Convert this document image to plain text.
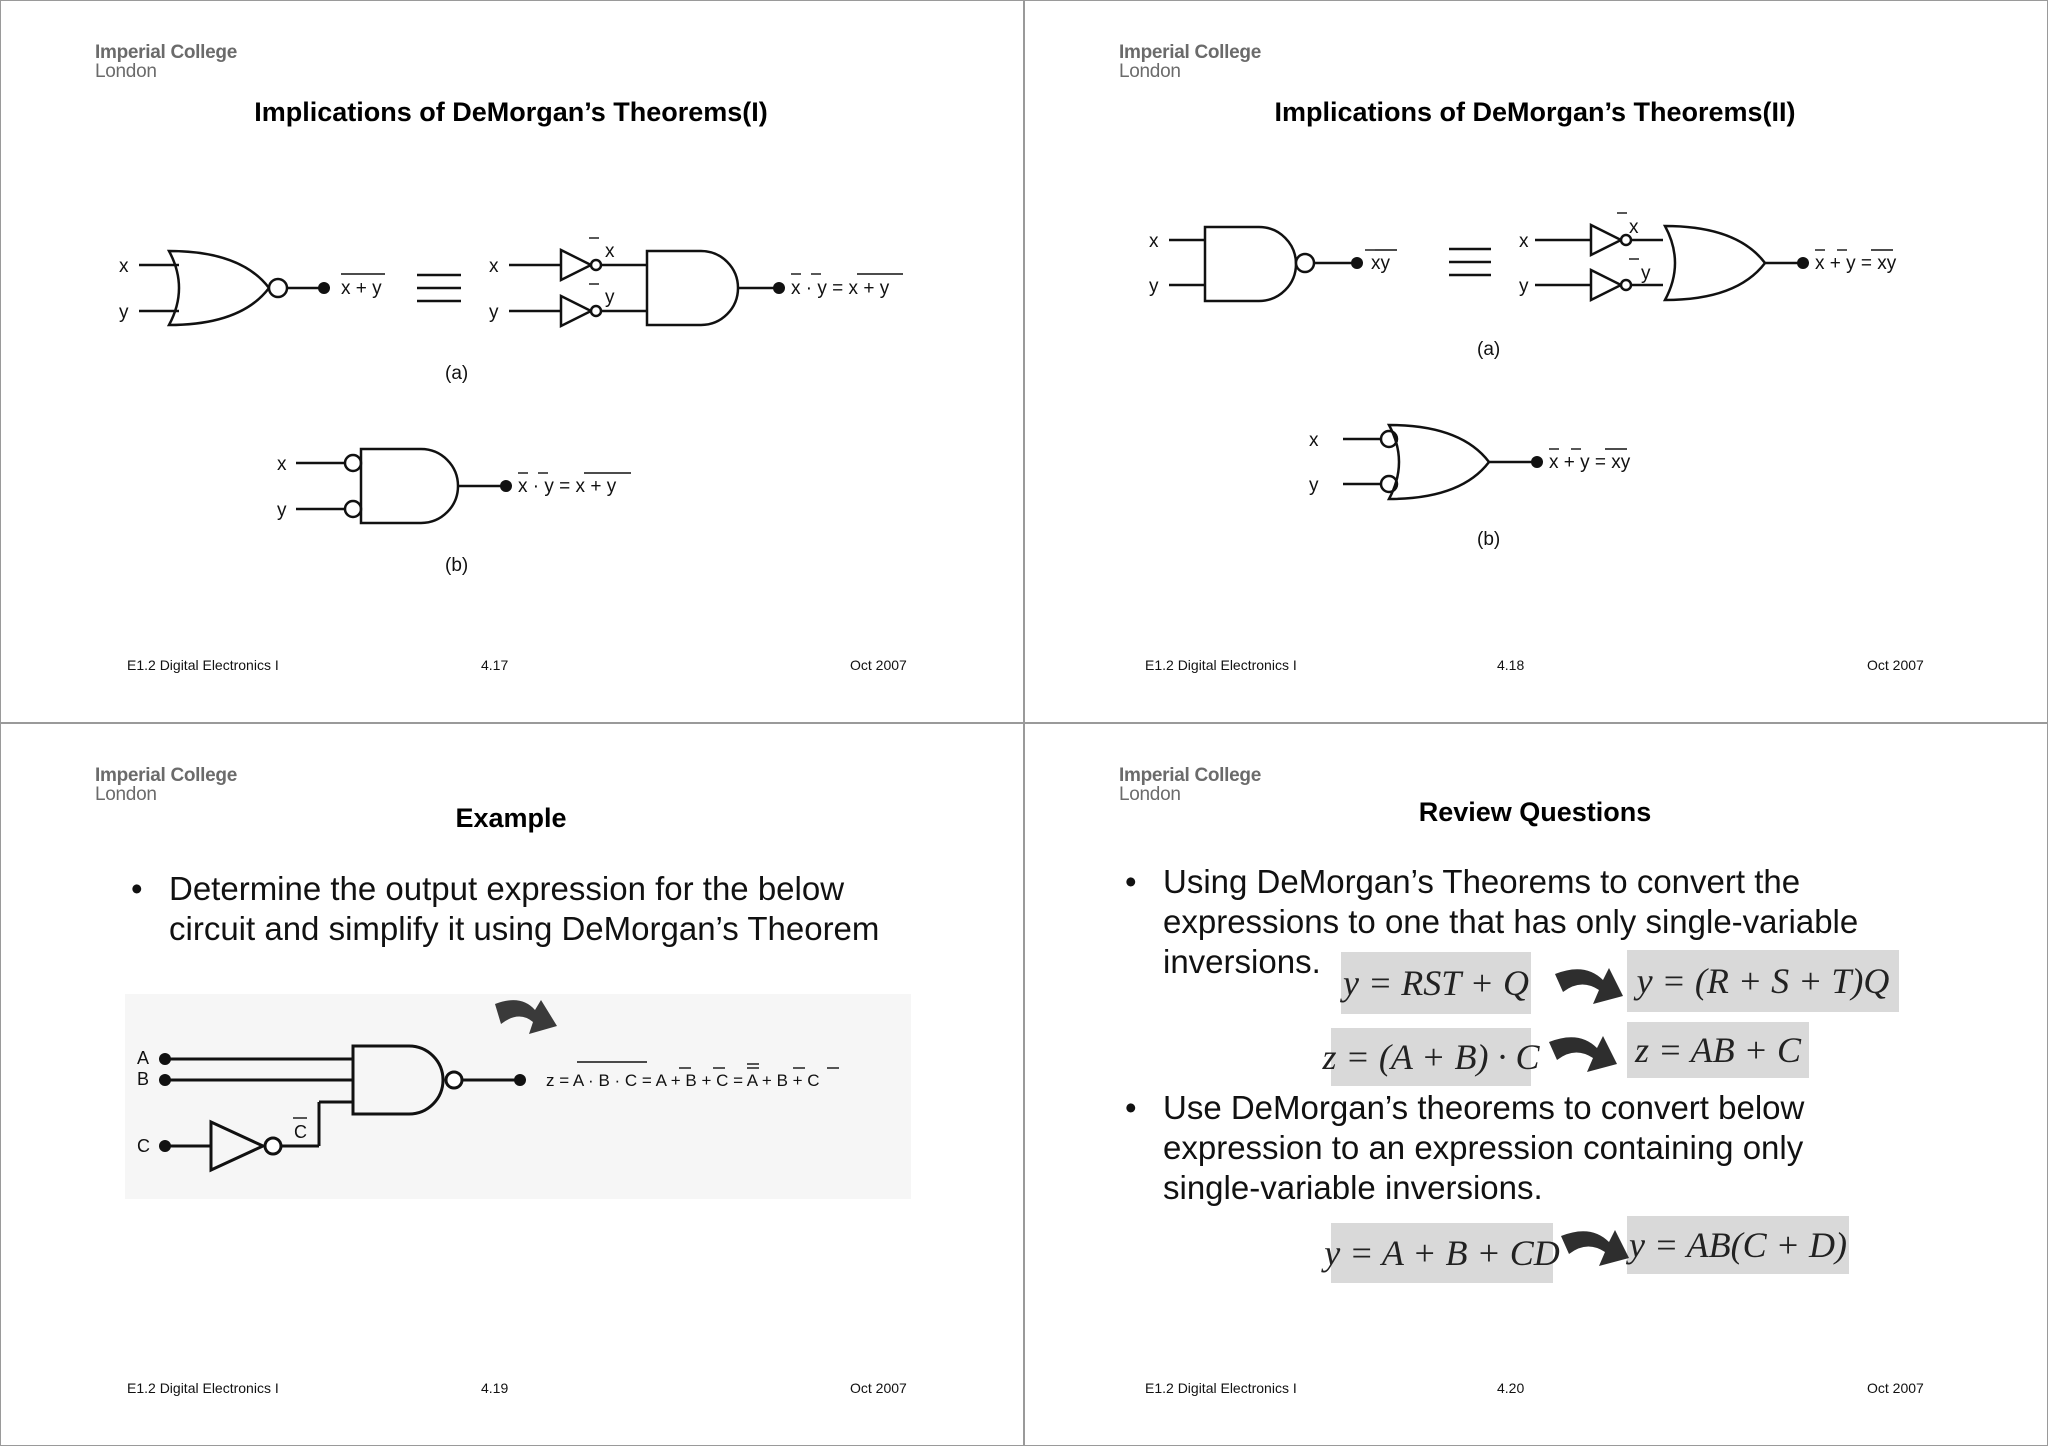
Imperial College
London
Implications of DeMorgan’s Theorems(I)
x
y
x + y
x
y
x
y	x · y = x + y
(a)
x
y
x · y = x + y
(b)
E1.2 Digital Electronics I	4.17	Oct 2007
Imperial College
London
Implications of DeMorgan’s Theorems(II)
x
y
xy
x
y
x
y	x + y = xy
(a)
x
y
x + y = xy
(b)
E1.2 Digital Electronics I	4.18	Oct 2007
Imperial College
London
Example
• Determine the output expression for the below circuit and simplify it using DeMorgan’s Theorem
A
B
C
C
z = A · B · C = A + B + C = A + B + C
E1.2 Digital Electronics I	4.19	Oct 2007
Imperial College
London
Review Questions
• Using DeMorgan’s Theorems to convert the expressions to one that has only single-variable inversions.
• Use DeMorgan’s theorems to convert below expression to an expression containing only single-variable inversions.
y = RST + Q	y = (R + S + T)Q
z = (A + B) · C	z = AB + C
y = A + B + CD y = AB(C + D)
E1.2 Digital Electronics I	4.20	Oct 2007
